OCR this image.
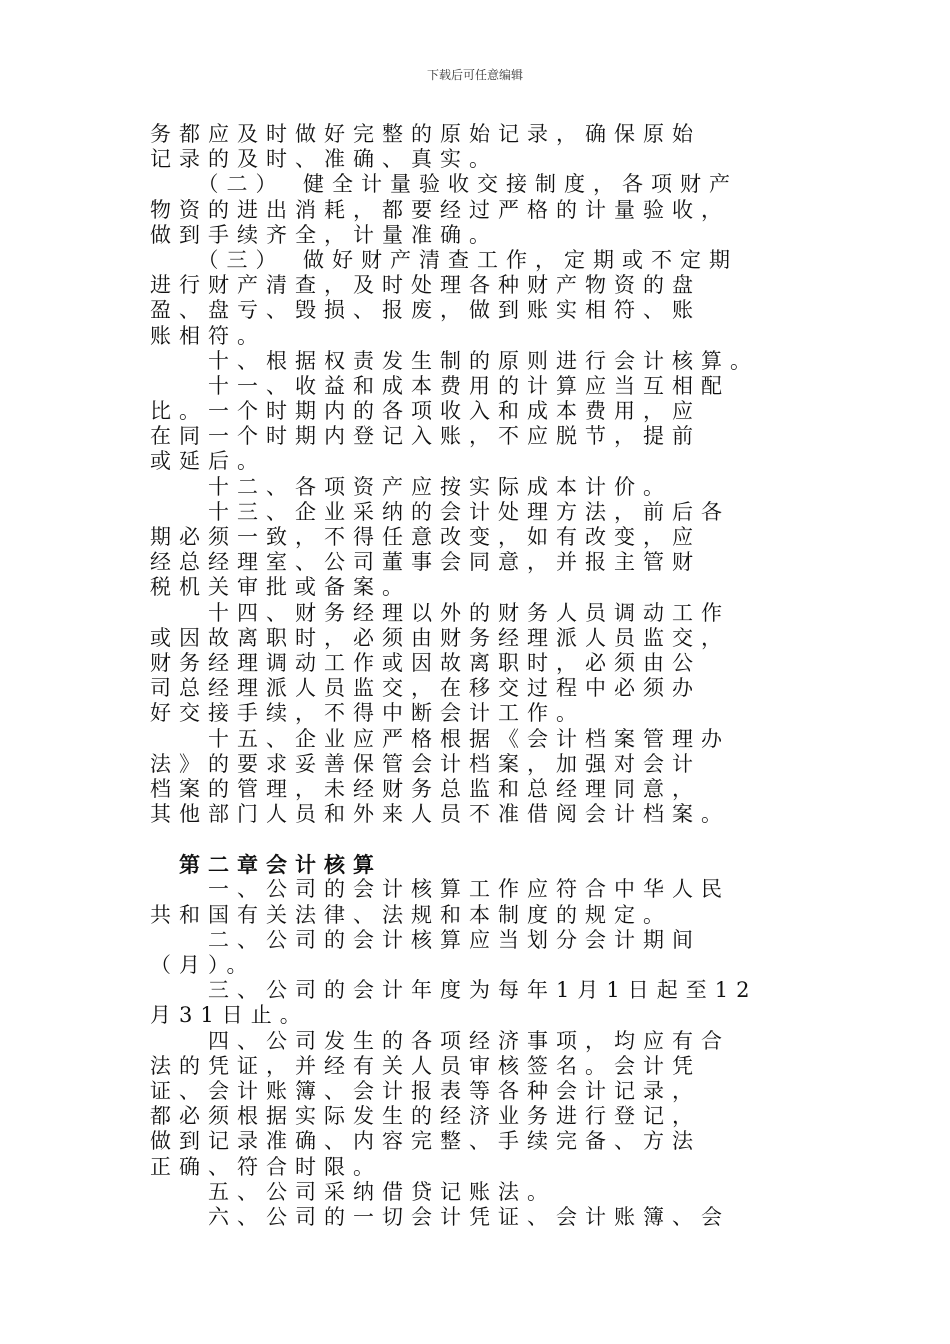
下载后可任意编辑
务都应及时做好完整的原始记录，确保原始
记录的及时、准确、真实。
　　（二）　健全计量验收交接制度，各项财产
物资的进出消耗，都要经过严格的计量验收，
做到手续齐全，计量准确。
　　（三）　做好财产清查工作，定期或不定期
进行财产清查，及时处理各种财产物资的盘
盈、盘亏、毁损、报废，做到账实相符、账
账相符。
　　十、根据权责发生制的原则进行会计核算。
　　十一、收益和成本费用的计算应当互相配
比。一个时期内的各项收入和成本费用，应
在同一个时期内登记入账，不应脱节，提前
或延后。
　　十二、各项资产应按实际成本计价。
　　十三、企业采纳的会计处理方法，前后各
期必须一致，不得任意改变，如有改变，应
经总经理室、公司董事会同意，并报主管财
税机关审批或备案。
　　十四、财务经理以外的财务人员调动工作
或因故离职时，必须由财务经理派人员监交，
财务经理调动工作或因故离职时，必须由公
司总经理派人员监交，在移交过程中必须办
好交接手续，不得中断会计工作。
　　十五、企业应严格根据《会计档案管理办
法》的要求妥善保管会计档案，加强对会计
档案的管理，未经财务总监和总经理同意，
其他部门人员和外来人员不准借阅会计档案。
　第二章会计核算
　　一、公司的会计核算工作应符合中华人民
共和国有关法律、法规和本制度的规定。
　　二、公司的会计核算应当划分会计期间
（月）。
　　三、公司的会计年度为每年1月1日起至12
月31日止。
　　四、公司发生的各项经济事项，均应有合
法的凭证，并经有关人员审核签名。会计凭
证、会计账簿、会计报表等各种会计记录，
都必须根据实际发生的经济业务进行登记，
做到记录准确、内容完整、手续完备、方法
正确、符合时限。
　　五、公司采纳借贷记账法。
　　六、公司的一切会计凭证、会计账簿、会
